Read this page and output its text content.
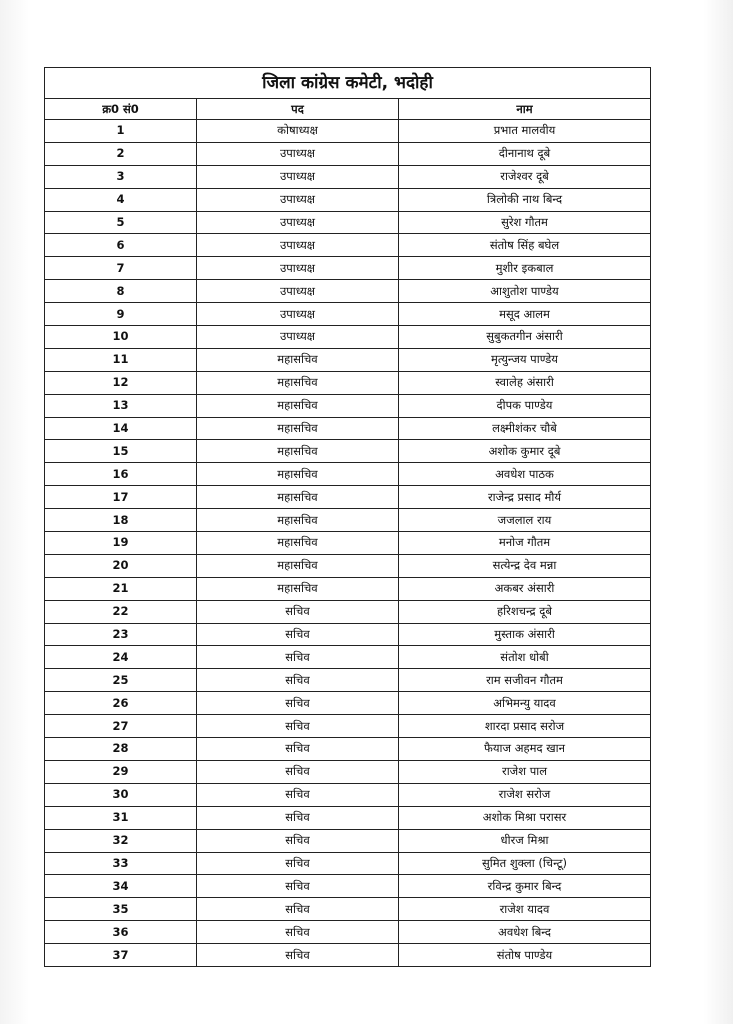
जिला कांग्रेस कमेटी, भदोही		
क्र0 सं0	पद	नाम
1	कोषाध्यक्ष	प्रभात मालवीय
2	उपाध्यक्ष	दीनानाथ दूबे
3	उपाध्यक्ष	राजेश्वर दूबे
4	उपाध्यक्ष	त्रिलोकी नाथ बिन्द
5	उपाध्यक्ष	सुरेश गौतम
6	उपाध्यक्ष	संतोष सिंह बघेल
7	उपाध्यक्ष	मुशीर इकबाल
8	उपाध्यक्ष	आशुतोश पाण्डेय
9	उपाध्यक्ष	मसूद आलम
10	उपाध्यक्ष	सुबुकतगीन अंसारी
11	महासचिव	मृत्युन्जय पाण्डेय
12	महासचिव	स्वालेह अंसारी
13	महासचिव	दीपक पाण्डेय
14	महासचिव	लक्ष्मीशंकर चौबे
15	महासचिव	अशोक कुमार दूबे
16	महासचिव	अवधेश पाठक
17	महासचिव	राजेन्द्र प्रसाद मौर्य
18	महासचिव	जजलाल राय
19	महासचिव	मनोज गौतम
20	महासचिव	सत्येन्द्र देव मन्ना
21	महासचिव	अकबर अंसारी
22	सचिव	हरिशचन्द्र दूबे
23	सचिव	मुस्ताक अंसारी
24	सचिव	संतोश धोबी
25	सचिव	राम सजीवन गौतम
26	सचिव	अभिमन्यु यादव
27	सचिव	शारदा प्रसाद सरोज
28	सचिव	फैयाज अहमद खान
29	सचिव	राजेश पाल
30	सचिव	राजेश सरोज
31	सचिव	अशोक मिश्रा परासर
32	सचिव	धीरज मिश्रा
33	सचिव	सुमित शुक्ला (चिन्टू)
34	सचिव	रविन्द्र कुमार बिन्द
35	सचिव	राजेश यादव
36	सचिव	अवधेश बिन्द
37	सचिव	संतोष पाण्डेय
